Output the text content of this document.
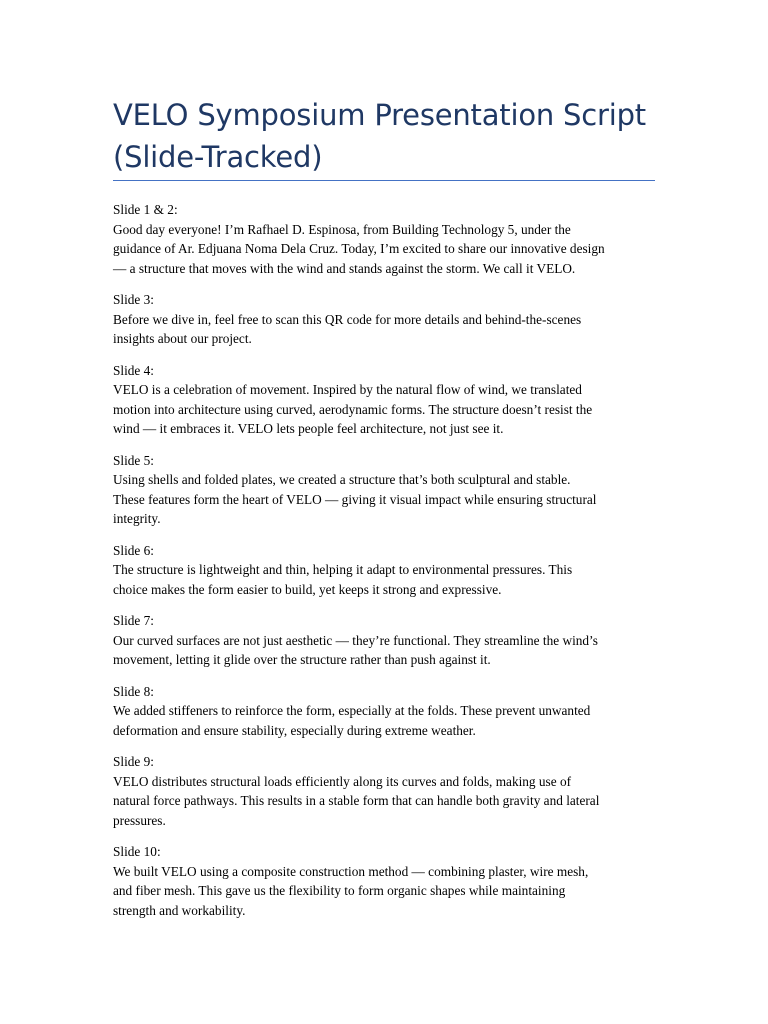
VELO Symposium Presentation Script
(Slide-Tracked)
Slide 1 & 2:
Good day everyone! I’m Rafhael D. Espinosa, from Building Technology 5, under the
guidance of Ar. Edjuana Noma Dela Cruz. Today, I’m excited to share our innovative design
— a structure that moves with the wind and stands against the storm. We call it VELO.
Slide 3:
Before we dive in, feel free to scan this QR code for more details and behind-the-scenes
insights about our project.
Slide 4:
VELO is a celebration of movement. Inspired by the natural flow of wind, we translated
motion into architecture using curved, aerodynamic forms. The structure doesn’t resist the
wind — it embraces it. VELO lets people feel architecture, not just see it.
Slide 5:
Using shells and folded plates, we created a structure that’s both sculptural and stable.
These features form the heart of VELO — giving it visual impact while ensuring structural
integrity.
Slide 6:
The structure is lightweight and thin, helping it adapt to environmental pressures. This
choice makes the form easier to build, yet keeps it strong and expressive.
Slide 7:
Our curved surfaces are not just aesthetic — they’re functional. They streamline the wind’s
movement, letting it glide over the structure rather than push against it.
Slide 8:
We added stiffeners to reinforce the form, especially at the folds. These prevent unwanted
deformation and ensure stability, especially during extreme weather.
Slide 9:
VELO distributes structural loads efficiently along its curves and folds, making use of
natural force pathways. This results in a stable form that can handle both gravity and lateral
pressures.
Slide 10:
We built VELO using a composite construction method — combining plaster, wire mesh,
and fiber mesh. This gave us the flexibility to form organic shapes while maintaining
strength and workability.
